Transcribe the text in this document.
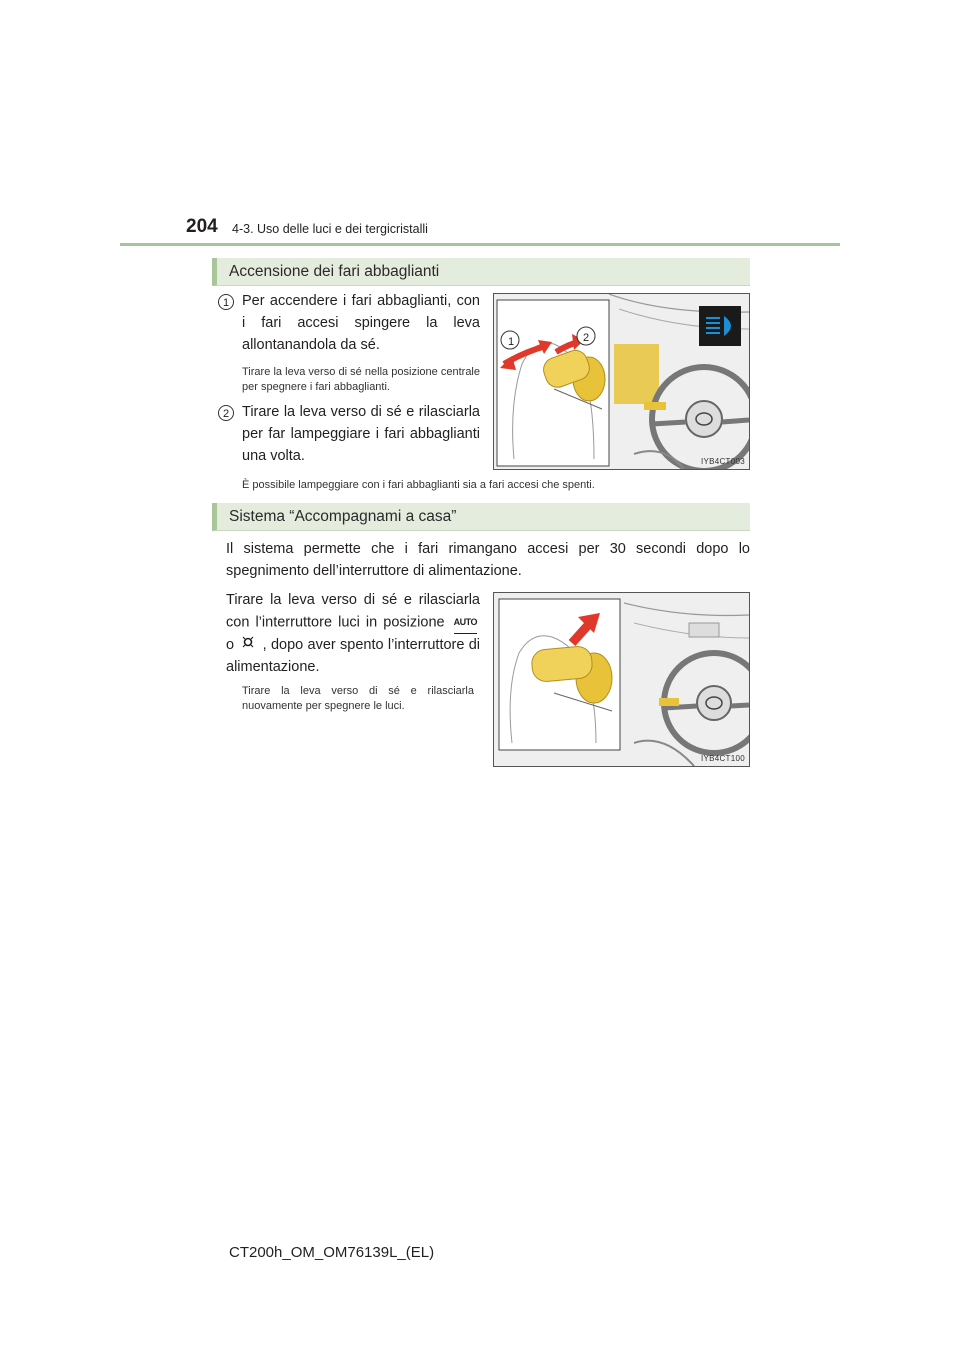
204 4-3. Uso delle luci e dei tergicristalli
Accensione dei fari abbaglianti
1 Per accendere i fari abbaglianti, con i fari accesi spingere la leva allontanandola da sé.
Tirare la leva verso di sé nella posizione centrale per spegnere i fari abbaglianti.
2 Tirare la leva verso di sé e rilasciarla per far lampeggiare i fari abbaglianti una volta.
È possibile lampeggiare con i fari abbaglianti sia a fari accesi che spenti.
1	2
IYB4CT003
Sistema “Accompagnami a casa”
Il sistema permette che i fari rimangano accesi per 30 secondi dopo lo spegnimento dell’interruttore di alimentazione.
Tirare la leva verso di sé e rilasciarla con l’interruttore luci in posizione AUTO o , dopo aver spento l’interruttore di alimentazione.
Tirare la leva verso di sé e rilasciarla nuovamente per spegnere le luci.
IYB4CT100
CT200h_OM_OM76139L_(EL)
